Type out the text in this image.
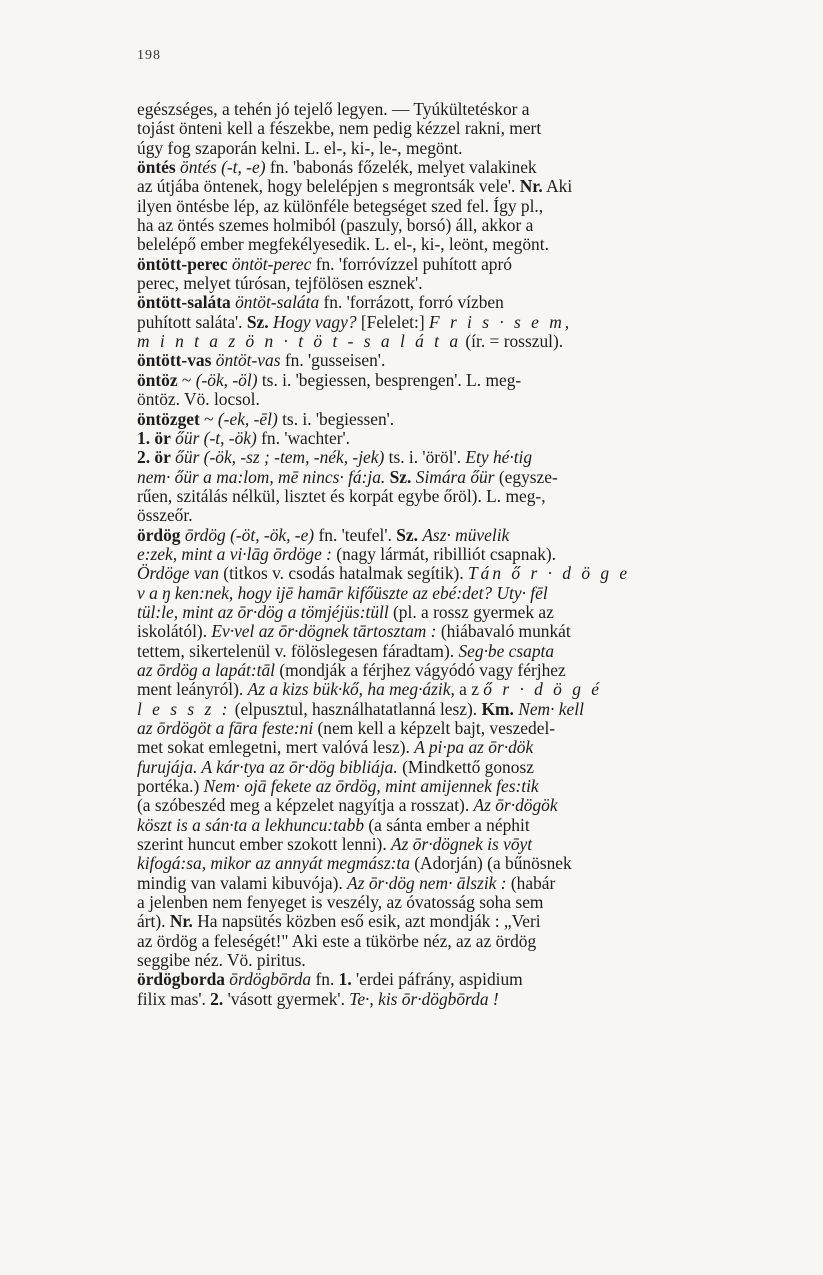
198
egészséges, a tehén jó tejelő legyen. — Tyúkültetéskor a
tojást önteni kell a fészekbe, nem pedig kézzel rakni, mert
úgy fog szaporán kelni. L. el-, ki-, le-, megönt.
öntés öntés (-t, -e) fn. 'babonás főzelék, melyet valakinek
az útjába öntenek, hogy belelépjen s megrontsák vele'. Nr. Aki
ilyen öntésbe lép, az különféle betegséget szed fel. Így pl.,
ha az öntés szemes holmiból (paszuly, borsó) áll, akkor a
belelépő ember megfekélyesedik. L. el-, ki-, leönt, megönt.
öntött-perec öntöt-perec fn. 'forróvízzel puhított apró
perec, melyet túrósan, tejfölösen esznek'.
öntött-saláta öntöt-saláta fn. 'forrázott, forró vízben
puhított saláta'. Sz. Hogy vagy? [Felelet:] F r i s · s e m,
m i n t a z ö n · t ö t - s a l á t a (ír. = rosszul).
öntött-vas öntöt-vas fn. 'gusseisen'.
öntöz ~ (-ök, -öl) ts. i. 'begiessen, besprengen'. L. meg-
öntöz. Vö. locsol.
öntözget ~ (-ek, -ēl) ts. i. 'begiessen'.
1. ör őür (-t, -ök) fn. 'wachter'.
2. ör őür (-ök, -sz ; -tem, -nék, -jek) ts. i. 'öröl'. Ety hé·tig
nem· őür a ma:lom, mē nincs· fá:ja. Sz. Simára őür (egysze-
rűen, szitálás nélkül, lisztet és korpát egybe őröl). L. meg-,
összeőr.
ördög ōrdög (-öt, -ök, -e) fn. 'teufel'. Sz. Asz· müvelik
e:zek, mint a vi·lāg ōrdöge : (nagy lármát, ribilliót csapnak).
Ördöge van (titkos v. csodás hatalmak segítik). Tán ő r · d ö g e
v a ŋ ken:nek, hogy ijē hamār kifőüszte az ebé:det? Uty· fēl
tül:le, mint az ōr·dög a tömjéjüs:tüll (pl. a rossz gyermek az
iskolától). Ev·vel az ōr·dögnek tārtosztam : (hiábavaló munkát
tettem, sikertelenül v. fölöslegesen fáradtam). Seg·be csapta
az ōrdög a lapát:tāl (mondják a férjhez vágyódó vagy férjhez
ment leányról). Az a kizs bük·kő, ha meg·ázik, a z ő r · d ö g é
l e s s z : (elpusztul, használhatatlanná lesz). Km. Nem· kell
az ōrdögöt a fāra feste:ni (nem kell a képzelt bajt, veszedel-
met sokat emlegetni, mert valóvá lesz). A pi·pa az ōr·dök
furujája. A kár·tya az ōr·dög bibliája. (Mindkettő gonosz
portéka.) Nem· ojā fekete az ōrdög, mint amijennek fes:tik
(a szóbeszéd meg a képzelet nagyítja a rosszat). Az ōr·dögök
köszt is a sán·ta a lekhuncu:tabb (a sánta ember a néphit
szerint huncut ember szokott lenni). Az ōr·dögnek is vōyt
kifogá:sa, mikor az annyát megmász:ta (Adorján) (a bűnösnek
mindig van valami kibuvója). Az ōr·dög nem· ālszik : (habár
a jelenben nem fenyeget is veszély, az óvatosság soha sem
árt). Nr. Ha napsütés közben eső esik, azt mondják : „Veri
az ördög a feleségét!" Aki este a tükörbe néz, az az ördög
seggibe néz. Vö. piritus.
ördögborda ōrdögbōrda fn. 1. 'erdei páfrány, aspidium
filix mas'. 2. 'vásott gyermek'. Te·, kis ōr·dögbōrda !
